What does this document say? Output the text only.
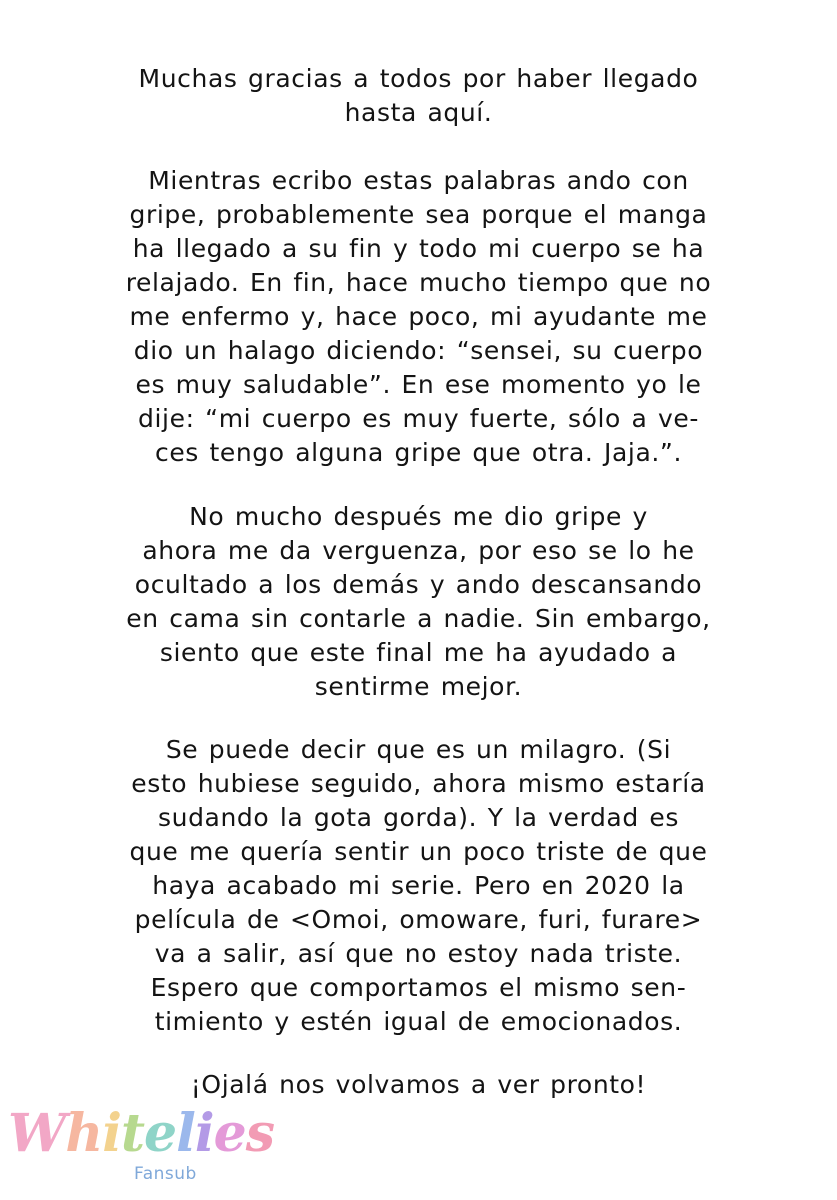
Muchas gracias a todos por haber llegado
hasta aquí.
Mientras ecribo estas palabras ando con
gripe, probablemente sea porque el manga
ha llegado a su fin y todo mi cuerpo se ha
relajado. En fin, hace mucho tiempo que no
me enfermo y, hace poco, mi ayudante me
dio un halago diciendo: “sensei, su cuerpo
es muy saludable”. En ese momento yo le
dije: “mi cuerpo es muy fuerte, sólo a ve-
ces tengo alguna gripe que otra. Jaja.”.
No mucho después me dio gripe y
ahora me da verguenza, por eso se lo he
ocultado a los demás y ando descansando
en cama sin contarle a nadie. Sin embargo,
siento que este final me ha ayudado a
sentirme mejor.
Se puede decir que es un milagro. (Si
esto hubiese seguido, ahora mismo estaría
sudando la gota gorda). Y la verdad es
que me quería sentir un poco triste de que
haya acabado mi serie. Pero en 2020 la
película de <Omoi, omoware, furi, furare>
va a salir, así que no estoy nada triste.
Espero que comportamos el mismo sen-
timiento y estén igual de emocionados.
¡Ojalá nos volvamos a ver pronto!
Whitelies
Fansub
